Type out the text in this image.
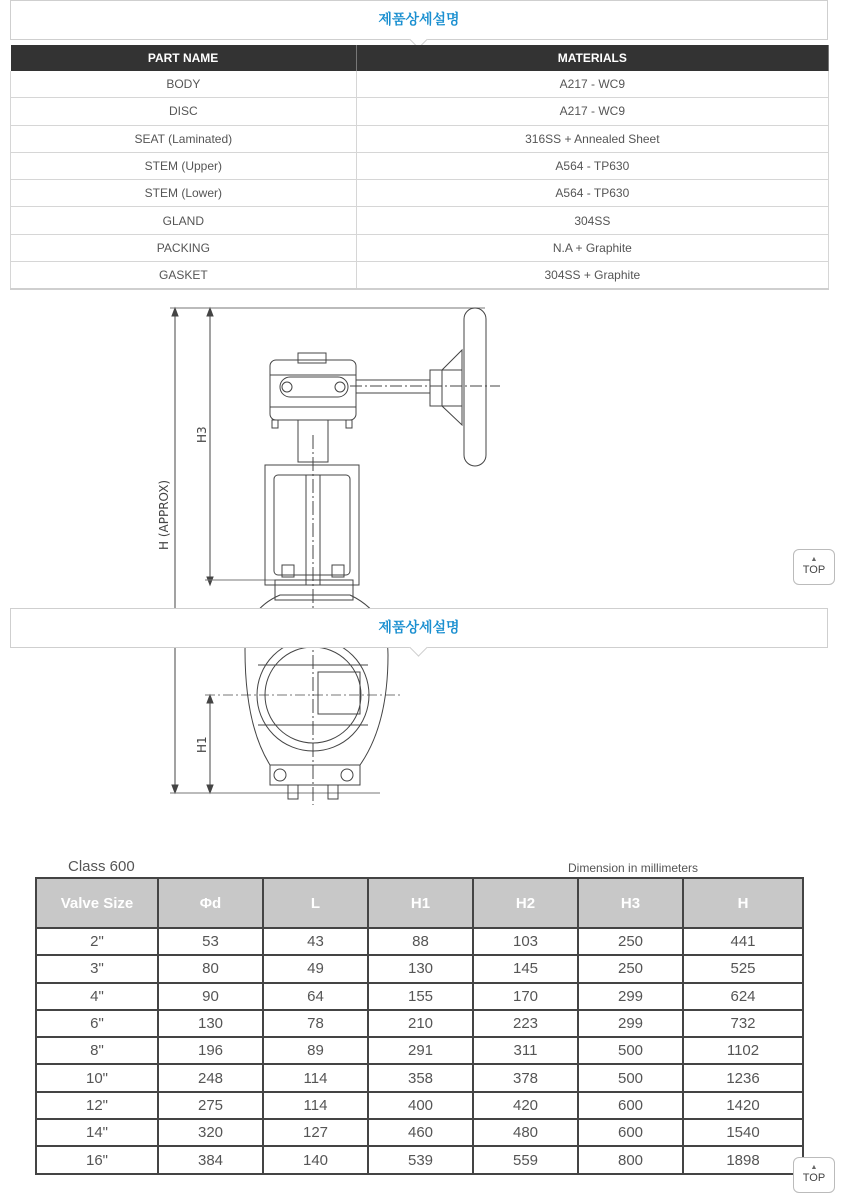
제품상세설명
PART NAME	MATERIALS
BODY	A217 - WC9
DISC	A217 - WC9
SEAT (Laminated)	316SS + Annealed Sheet
STEM (Upper)	A564 - TP630
STEM (Lower)	A564 - TP630
GLAND	304SS
PACKING	N.A + Graphite
GASKET	304SS + Graphite
H (APPROX)
H3
H1
▲
TOP
제품상세설명
Class 600	Dimension in millimeters
Valve Size	Φd	L	H1	H2	H3	H
2"	53	43	88	103	250	441
3"	80	49	130	145	250	525
4"	90	64	155	170	299	624
6"	130	78	210	223	299	732
8"	196	89	291	311	500	1102
10"	248	114	358	378	500	1236
12"	275	114	400	420	600	1420
14"	320	127	460	480	600	1540
16"	384	140	539	559	800	1898	▲
TOP
